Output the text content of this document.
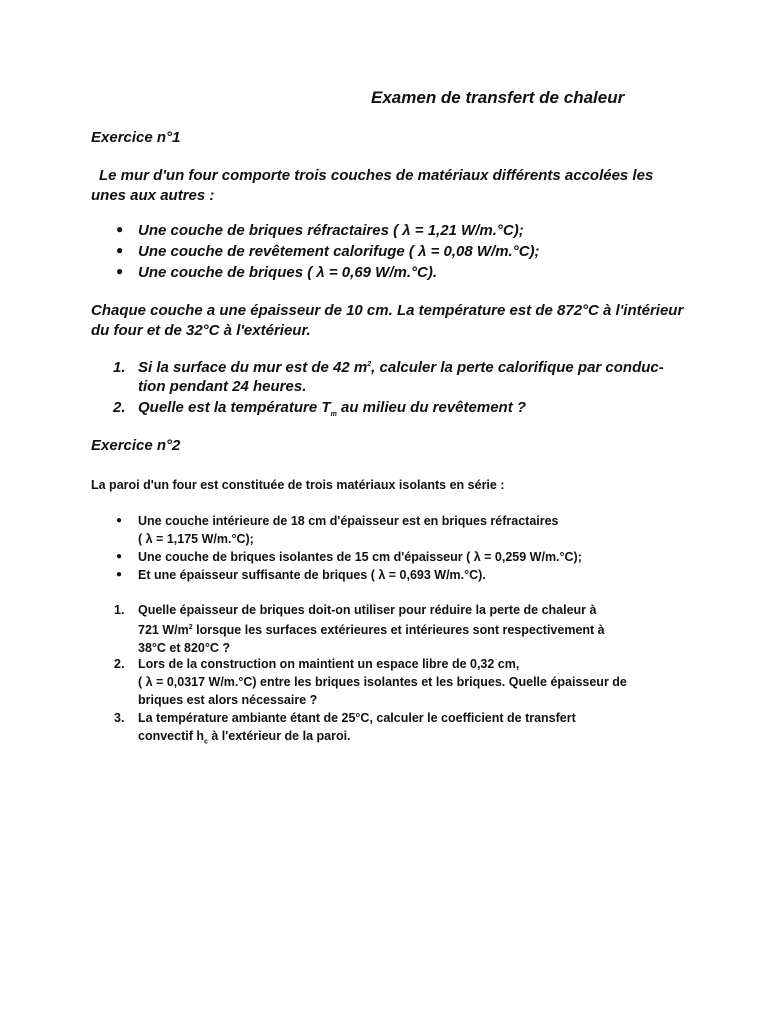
Examen de transfert de chaleur
Exercice n°1
Le mur d'un four comporte trois couches de matériaux différents accolées les unes aux autres :
● Une couche de briques réfractaires ( λ = 1,21 W/m.°C);
● Une couche de revêtement calorifuge ( λ = 0,08 W/m.°C);
● Une couche de briques ( λ = 0,69 W/m.°C).
Chaque couche a une épaisseur de 10 cm. La température est de 872°C à l'intérieur du four et de 32°C à l'extérieur.
1. Si la surface du mur est de 42 $m^2$, calculer la perte calorifique par conduc-
tion pendant 24 heures.
2. Quelle est la température $T_m$ au milieu du revêtement ?
Exercice n°2
La paroi d'un four est constituée de trois matériaux isolants en série :
● Une couche intérieure de 18 cm d'épaisseur est en briques réfractaires
( λ = 1,175 W/m.°C);
● Une couche de briques isolantes de 15 cm d'épaisseur ( λ = 0,259 W/m.°C);
● Et une épaisseur suffisante de briques ( λ = 0,693 W/m.°C).
1. Quelle épaisseur de briques doit-on utiliser pour réduire la perte de chaleur à
721 $W/m^2$ lorsque les surfaces extérieures et intérieures sont respectivement à
38°C et 820°C ?
2. Lors de la construction on maintient un espace libre de 0,32 cm,
( λ = 0,0317 W/m.°C) entre les briques isolantes et les briques. Quelle épaisseur de
briques est alors nécessaire ?
3. La température ambiante étant de 25°C, calculer le coefficient de transfert
convectif $h_c$ à l'extérieur de la paroi.
